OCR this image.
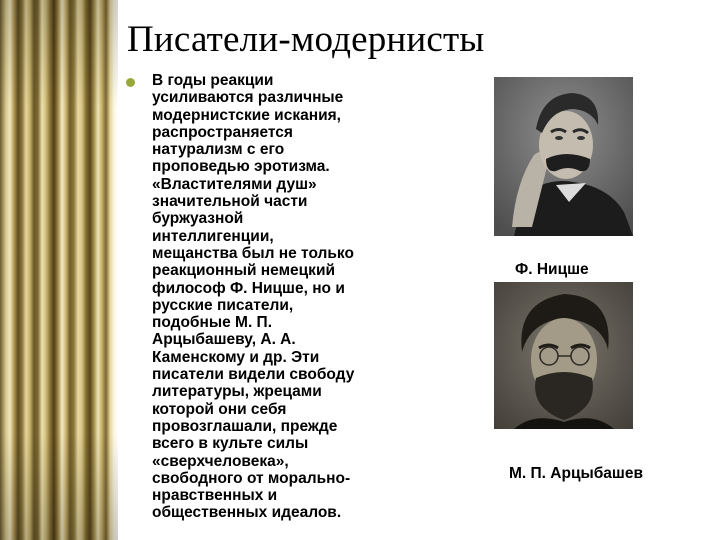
Писатели-модернисты

В годы реакции
усиливаются различные
модернистские искания,
распространяется
натурализм с его
проповедью эротизма.
«Властителями душ»
значительной части
буржуазной
интеллигенции,
мещанства был не только
реакционный немецкий
философ Ф. Ницше, но и
русские писатели,
подобные М. П.
Арцыбашеву, А. А.
Каменскому и др. Эти
писатели видели свободу
литературы, жрецами
которой они себя
провозглашали, прежде
всего в культе силы
«сверхчеловека»,
свободного от морально-
нравственных и
общественных идеалов.

Ф. Ницше

М. П. Арцыбашев
